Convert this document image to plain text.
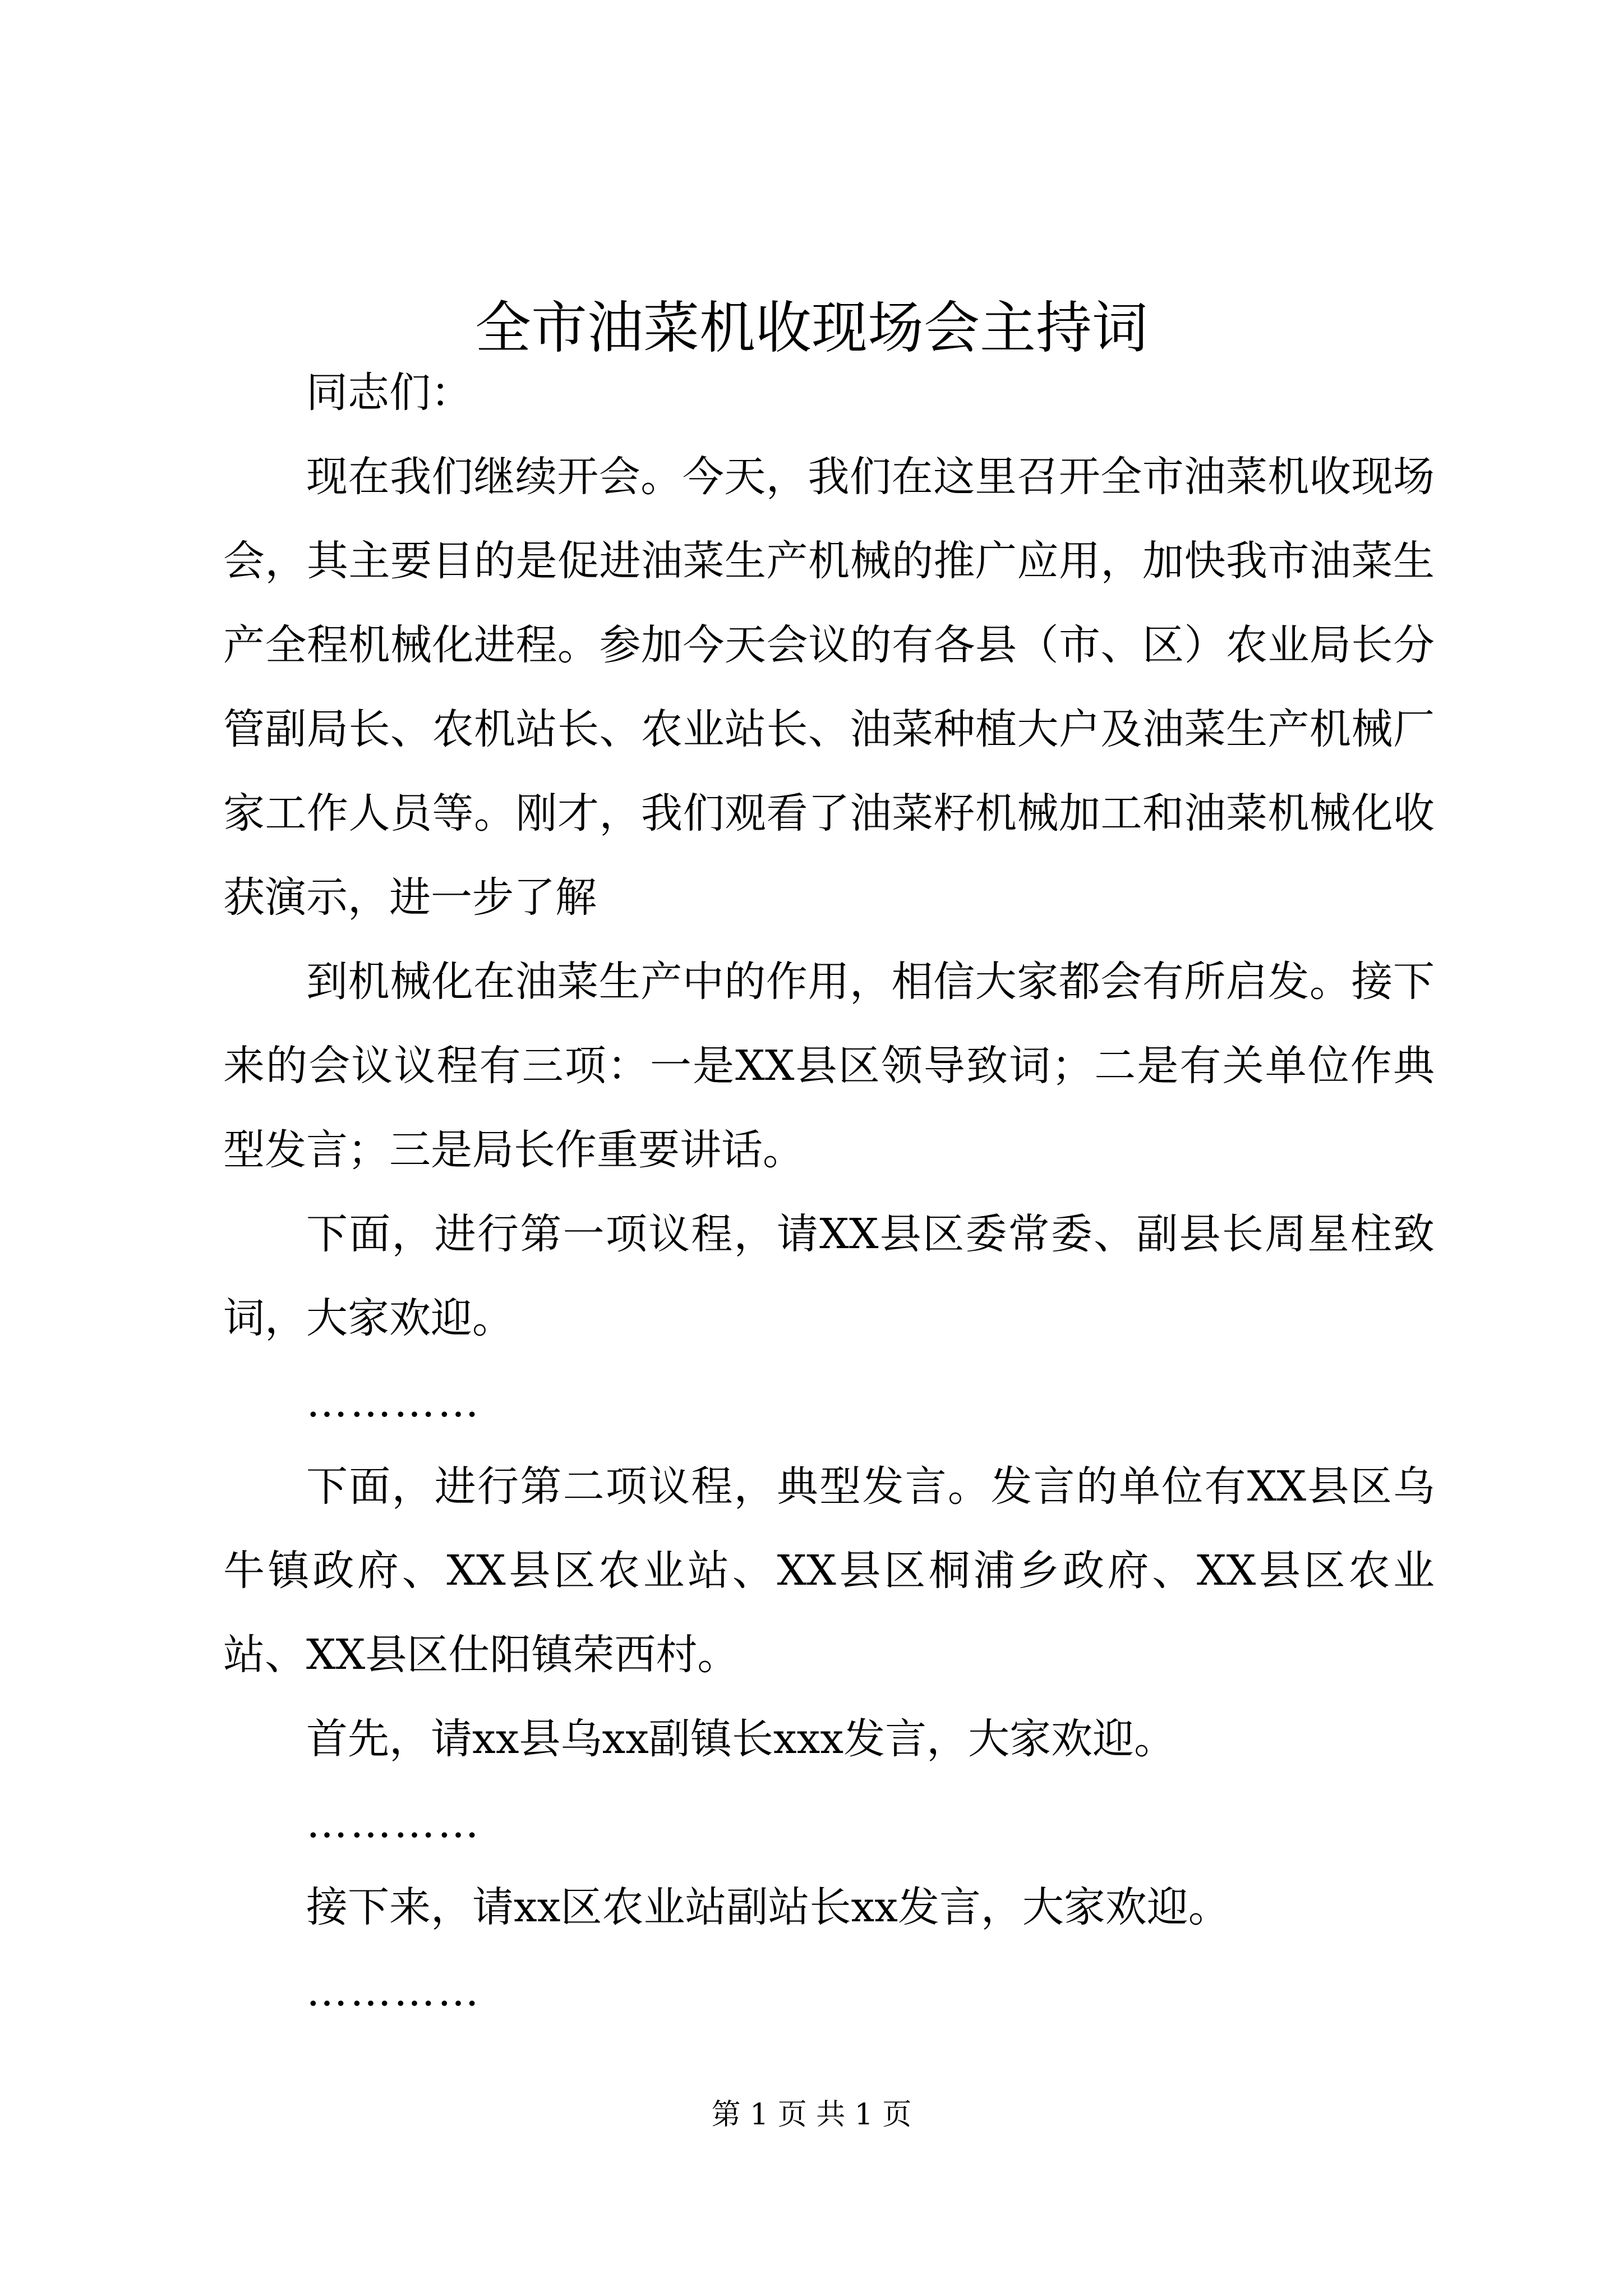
全市油菜机收现场会主持词

同志们：

现在我们继续开会。今天，我们在这里召开全市油菜机收现场会，其主要目的是促进油菜生产机械的推广应用，加快我市油菜生产全程机械化进程。参加今天会议的有各县（市、区）农业局长分管副局长、农机站长、农业站长、油菜种植大户及油菜生产机械厂家工作人员等。刚才，我们观看了油菜籽机械加工和油菜机械化收获演示，进一步了解

到机械化在油菜生产中的作用，相信大家都会有所启发。接下来的会议议程有三项：一是XX县区领导致词；二是有关单位作典型发言；三是局长作重要讲话。

下面，进行第一项议程，请XX县区委常委、副县长周星柱致词，大家欢迎。

…………

下面，进行第二项议程，典型发言。发言的单位有XX县区乌牛镇政府、XX县区农业站、XX县区桐浦乡政府、XX县区农业站、XX县区仕阳镇荣西村。

首先，请xx县乌xx副镇长xxx发言，大家欢迎。

…………

接下来，请xx区农业站副站长xx发言，大家欢迎。

…………

第 1 页 共 1 页
